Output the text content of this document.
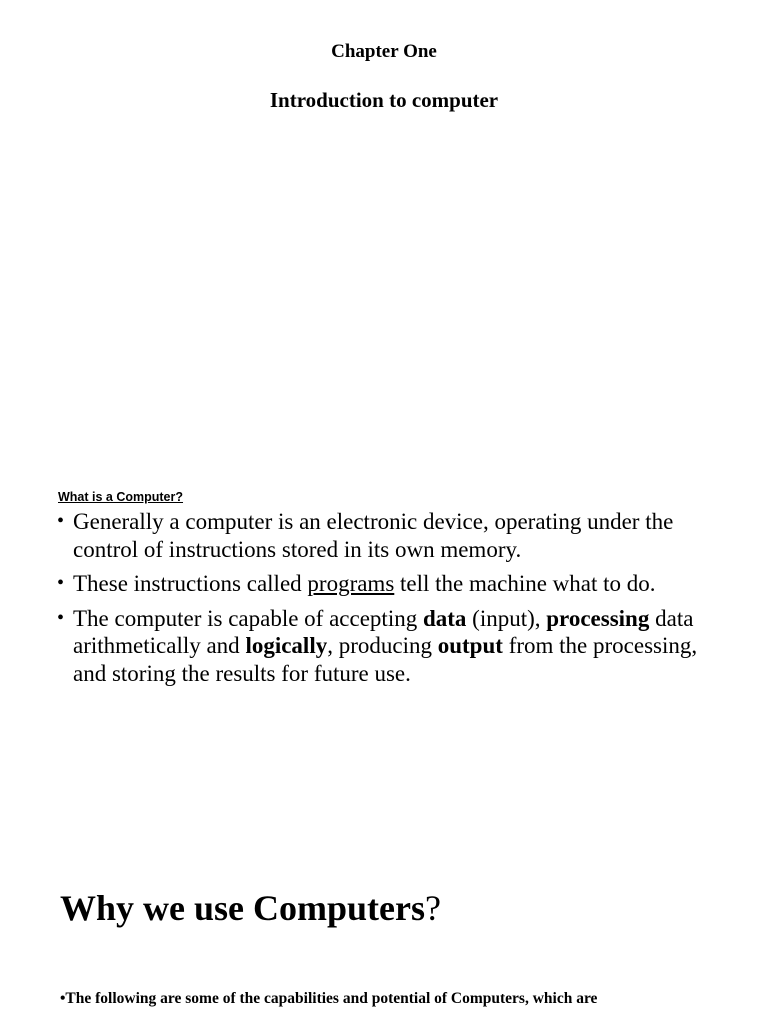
Chapter One
Introduction to computer

What is a Computer?

• Generally a computer is an electronic device, operating under the control of instructions stored in its own memory.
• These instructions called programs tell the machine what to do.
• The computer is capable of accepting data (input), processing data arithmetically and logically, producing output from the processing, and storing the results for future use.
Why we use Computers?

•The following are some of the capabilities and potential of Computers, which are
